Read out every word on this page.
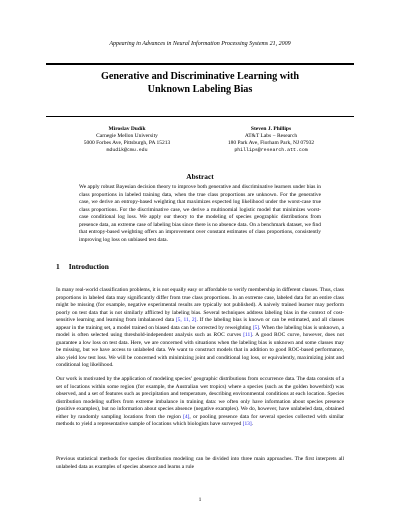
Appearing in Advances in Neural Information Processing Systems 21, 2009
Generative and Discriminative Learning with
Unknown Labeling Bias
Miroslav Dudík
Carnegie Mellon University
5000 Forbes Ave, Pittsburgh, PA 15213
mdudik@cmu.edu
Steven J. Phillips
AT&T Labs − Research
180 Park Ave, Florham Park, NJ 07932
phillips@research.att.com
Abstract
We apply robust Bayesian decision theory to improve both generative and discriminative learners under bias in class proportions in labeled training data, when the true class proportions are unknown. For the generative case, we derive an entropy-based weighting that maximizes expected log likelihood under the worst-case true class proportions. For the discriminative case, we derive a multinomial logistic model that minimizes worst-case conditional log loss. We apply our theory to the modeling of species geographic distributions from presence data, an extreme case of labeling bias since there is no absence data. On a benchmark dataset, we find that entropy-based weighting offers an improvement over constant estimates of class proportions, consistently improving log loss on unbiased test data.
1 Introduction
In many real-world classification problems, it is not equally easy or affordable to verify membership in different classes. Thus, class proportions in labeled data may significantly differ from true class proportions. In an extreme case, labeled data for an entire class might be missing (for example, negative experimental results are typically not published). A naively trained learner may perform poorly on test data that is not similarly afflicted by labeling bias. Several techniques address labeling bias in the context of cost-sensitive learning and learning from imbalanced data [5, 11, 2]. If the labeling bias is known or can be estimated, and all classes appear in the training set, a model trained on biased data can be corrected by reweighting [5]. When the labeling bias is unknown, a model is often selected using threshold-independent analysis such as ROC curves [11]. A good ROC curve, however, does not guarantee a low loss on test data. Here, we are concerned with situations when the labeling bias is unknown and some classes may be missing, but we have access to unlabeled data. We want to construct models that in addition to good ROC-based performance, also yield low test loss. We will be concerned with minimizing joint and conditional log loss, or equivalently, maximizing joint and conditional log likelihood.
Our work is motivated by the application of modeling species’ geographic distributions from occurrence data. The data consists of a set of locations within some region (for example, the Australian wet tropics) where a species (such as the golden bowerbird) was observed, and a set of features such as precipitation and temperature, describing environmental conditions at each location. Species distribution modeling suffers from extreme imbalance in training data: we often only have information about species presence (positive examples), but no information about species absence (negative examples). We do, however, have unlabeled data, obtained either by randomly sampling locations from the region [4], or pooling presence data for several species collected with similar methods to yield a representative sample of locations which biologists have surveyed [13].
Previous statistical methods for species distribution modeling can be divided into three main approaches. The first interprets all unlabeled data as examples of species absence and learns a rule
1
